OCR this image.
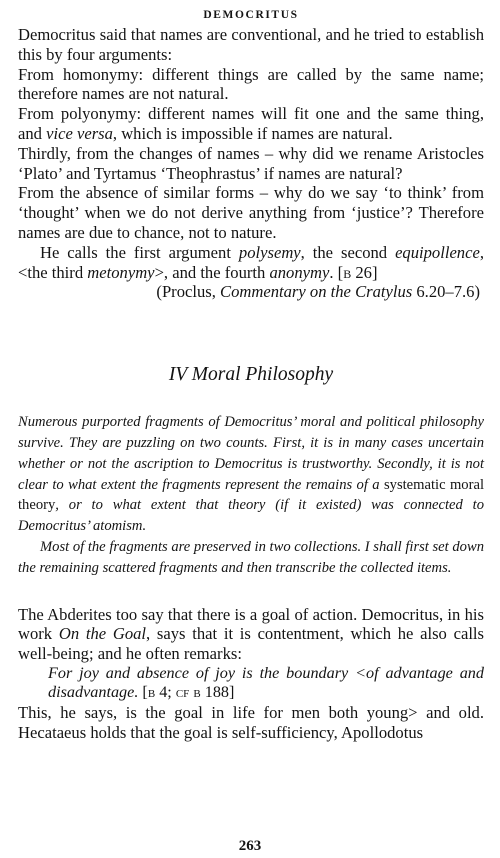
DEMOCRITUS

Democritus said that names are conventional, and he tried to establish this by four arguments:

From homonymy: different things are called by the same name; therefore names are not natural.

From polyonymy: different names will fit one and the same thing, and vice versa, which is impossible if names are natural.

Thirdly, from the changes of names – why did we rename Aristocles ‘Plato’ and Tyrtamus ‘Theophrastus’ if names are natural?

From the absence of similar forms – why do we say ‘to think’ from ‘thought’ when we do not derive anything from ‘justice’? Therefore names are due to chance, not to nature.

He calls the first argument polysemy, the second equipollence, <the third metonymy>, and the fourth anonymy. [b 26]

(Proclus, Commentary on the Cratylus 6.20–7.6)

IV Moral Philosophy

Numerous purported fragments of Democritus’ moral and political philosophy survive. They are puzzling on two counts. First, it is in many cases uncertain whether or not the ascription to Democritus is trustworthy. Secondly, it is not clear to what extent the fragments represent the remains of a systematic moral theory, or to what extent that theory (if it existed) was connected to Democritus’ atomism.

Most of the fragments are preserved in two collections. I shall first set down the remaining scattered fragments and then transcribe the collected items.

The Abderites too say that there is a goal of action. Democritus, in his work On the Goal, says that it is contentment, which he also calls well-being; and he often remarks:

For joy and absence of joy is the boundary <of advantage and disadvantage. [b 4; cf b 188]

This, he says, is the goal in life for men both young> and old. Hecataeus holds that the goal is self-sufficiency, Apollodotus

263
